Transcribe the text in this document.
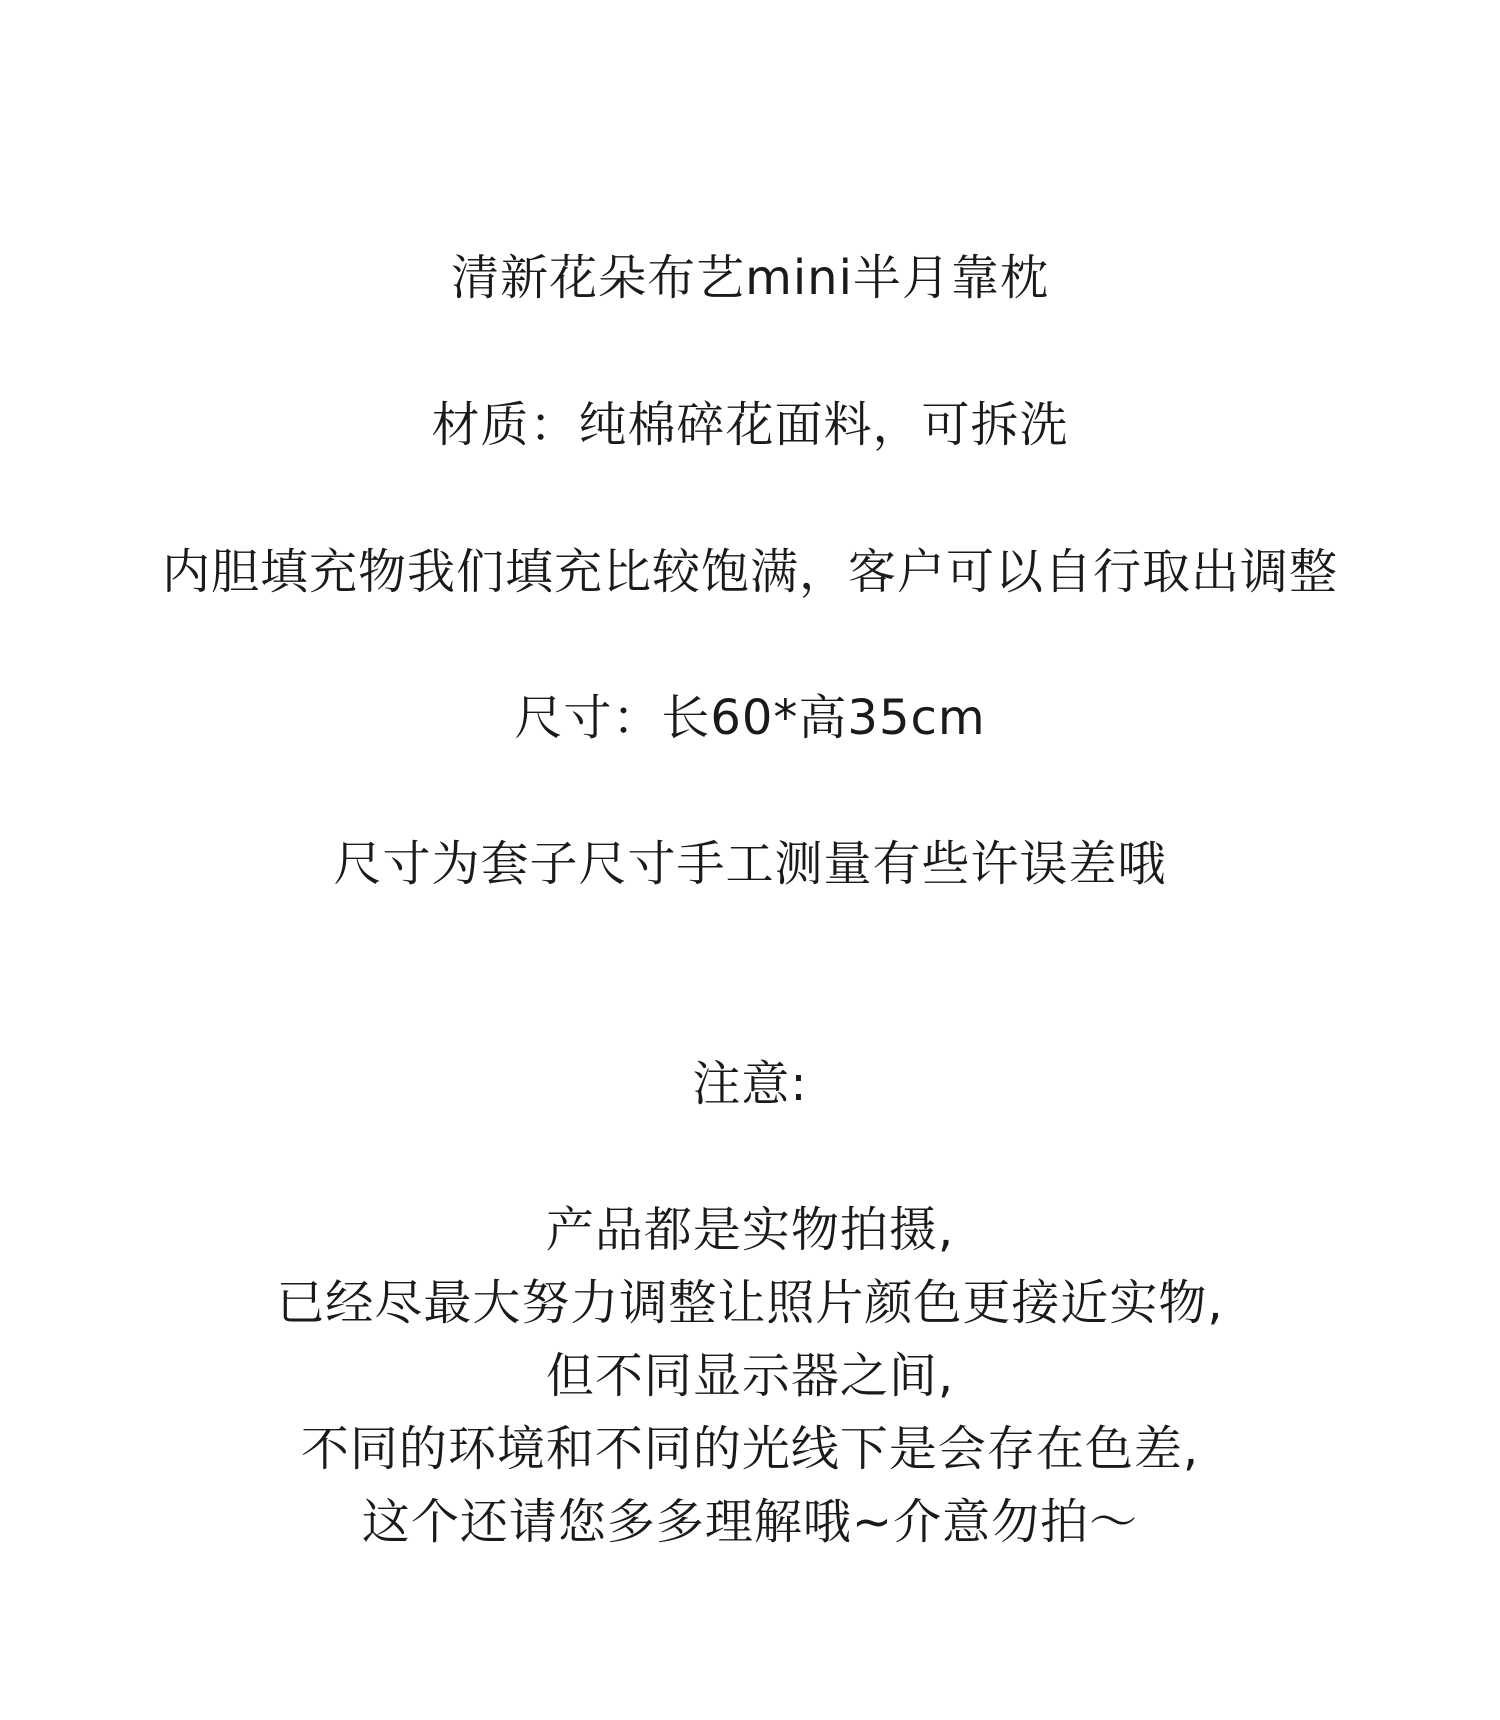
清新花朵布艺mini半月靠枕
材质：纯棉碎花面料，可拆洗
内胆填充物我们填充比较饱满，客户可以自行取出调整
尺寸：长60*高35cm
尺寸为套子尺寸手工测量有些许误差哦
注意:
产品都是实物拍摄,
已经尽最大努力调整让照片颜色更接近实物,
但不同显示器之间,
不同的环境和不同的光线下是会存在色差,
这个还请您多多理解哦~介意勿拍～
